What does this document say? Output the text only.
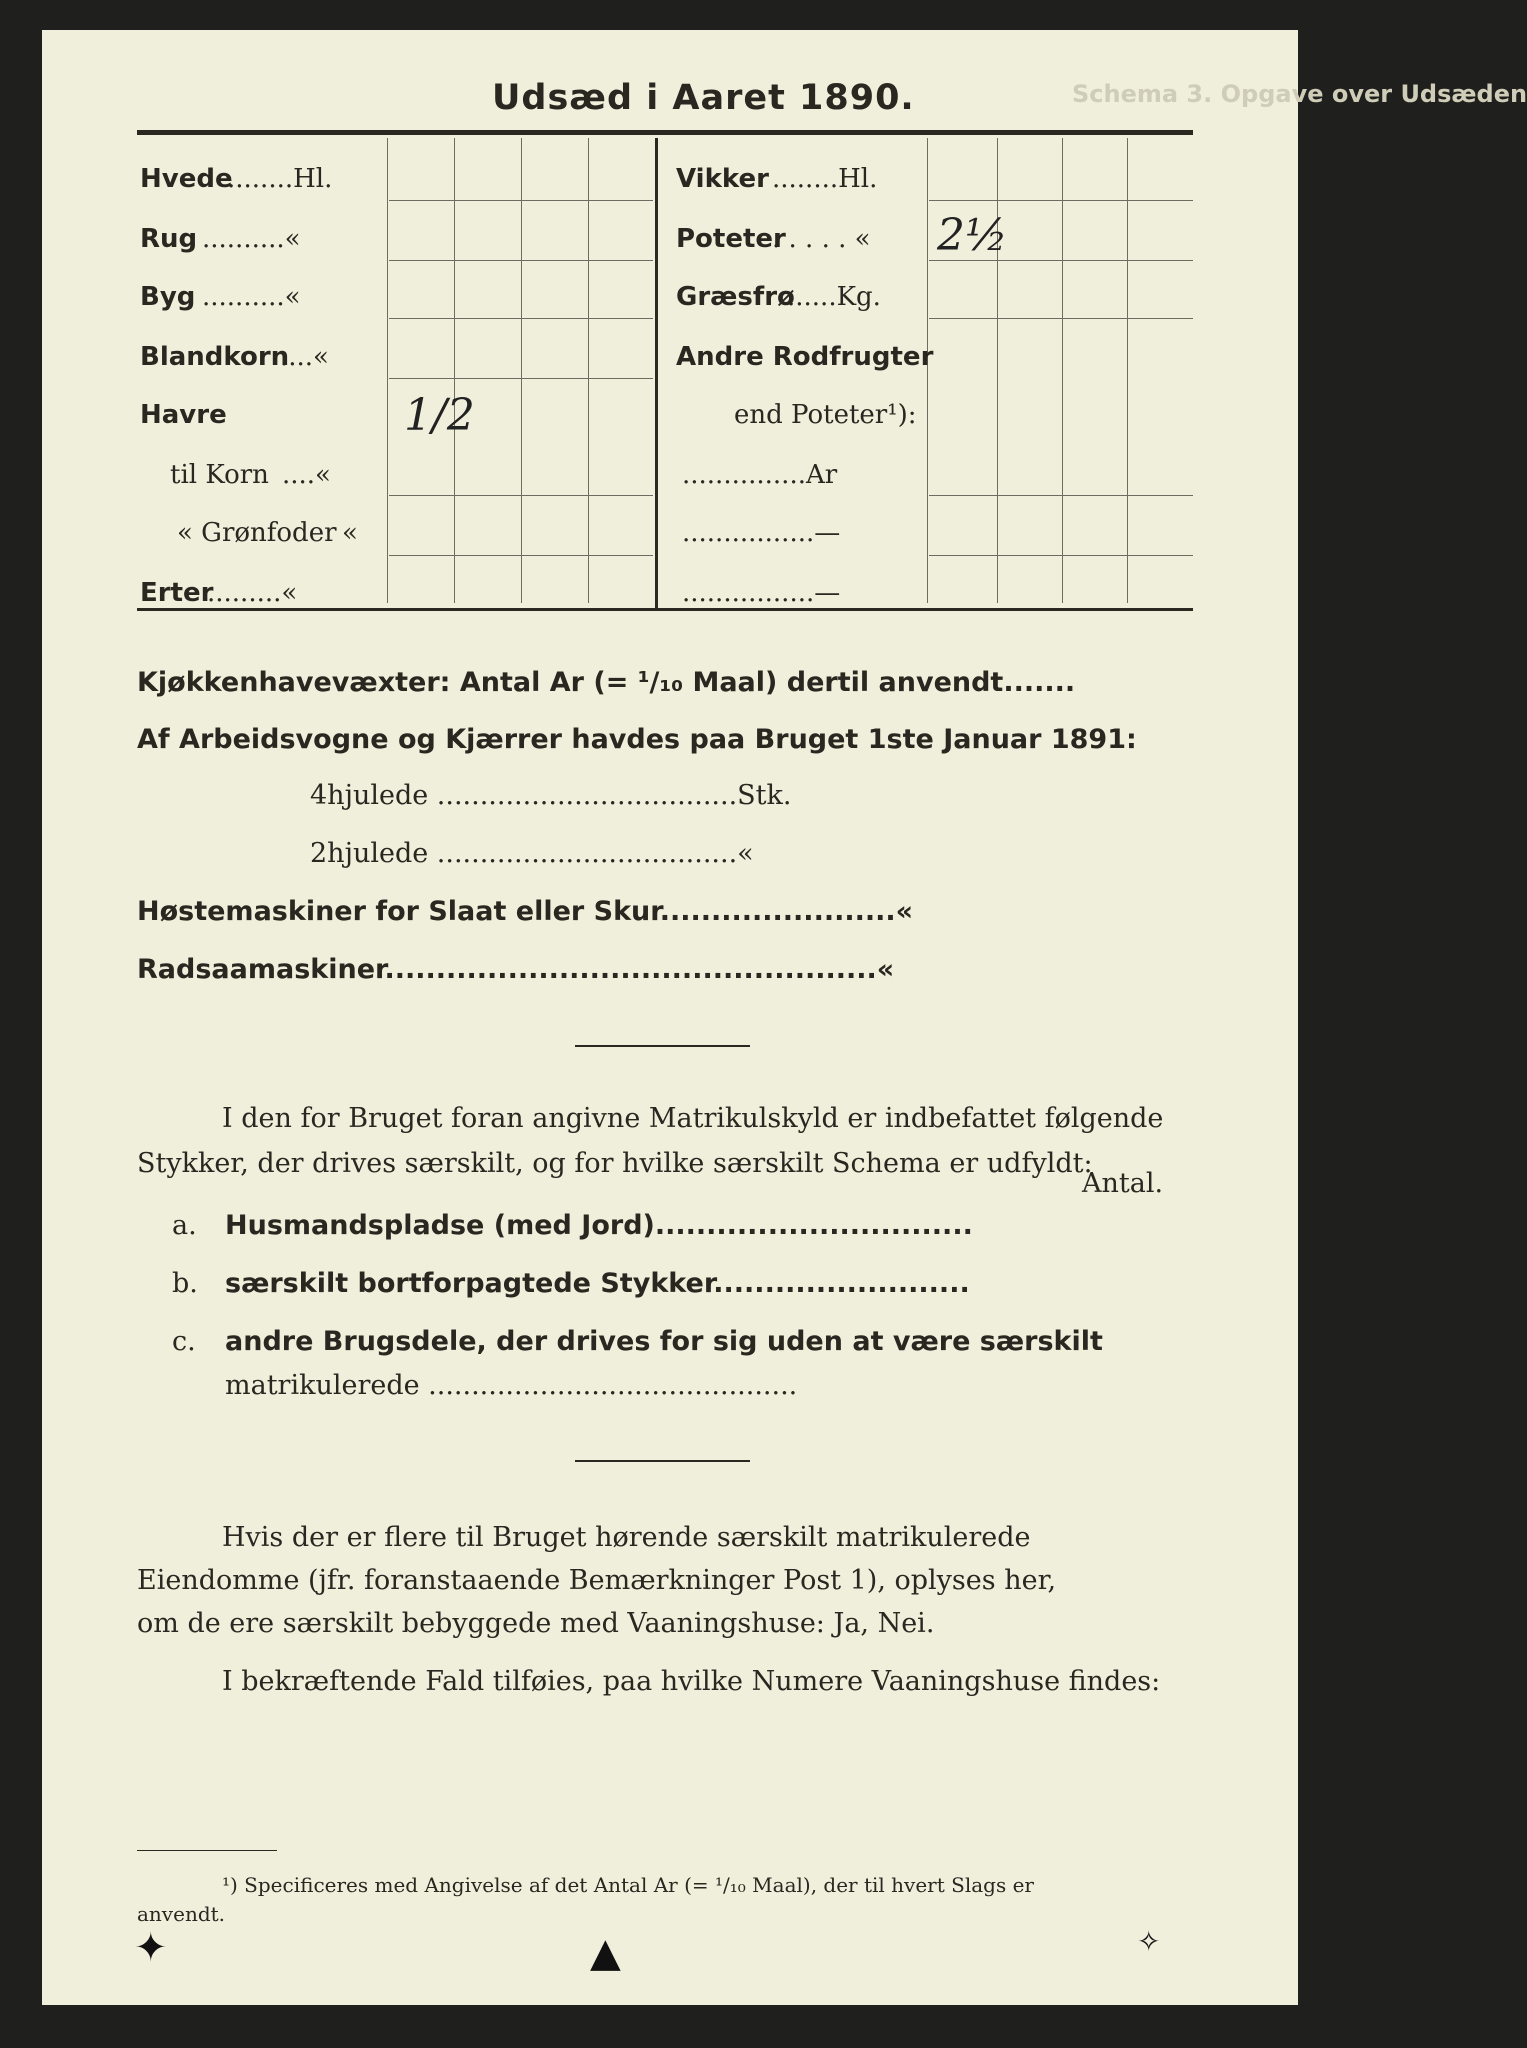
Schema 3. Opgave over Udsæden
Udsæd i Aaret 1890.
Hvede
........Hl.
Rug ..........«
Byg ..........«
Blandkorn
....«
Havre
til Korn ....«
« Grønfoder «
Erter
.........«
1/2
Vikker ........Hl.
Poteter
. . . . . « 2½
Græsfrø
......Kg.
Andre Rodfrugter
end Poteter¹):
...............Ar
................—
................—
Kjøkkenhavevæxter: Antal Ar (= ¹/₁₀ Maal) dertil anvendt.......
Af Arbeidsvogne og Kjærrer havdes paa Bruget 1ste Januar 1891:
4hjulede ...................................Stk.
2hjulede ...................................«
Høstemaskiner for Slaat eller Skur.......................«
Radsaamaskiner................................................«
I den for Bruget foran angivne Matrikulskyld er indbefattet følgende
Stykker, der drives særskilt, og for hvilke særskilt Schema er udfyldt:
Antal.
a. Husmandspladse (med Jord)...............................
b. særskilt bortforpagtede Stykker.........................
c. andre Brugsdele, der drives for sig uden at være særskilt
matrikulerede ...........................................
Hvis der er flere til Bruget hørende særskilt matrikulerede
Eiendomme (jfr. foranstaaende Bemærkninger Post 1), oplyses her,
om de ere særskilt bebyggede med Vaaningshuse: Ja, Nei.
I bekræftende Fald tilføies, paa hvilke Numere Vaaningshuse findes:
¹) Specificeres med Angivelse af det Antal Ar (= ¹/₁₀ Maal), der til hvert Slags er
anvendt.
✦	▲	✧
